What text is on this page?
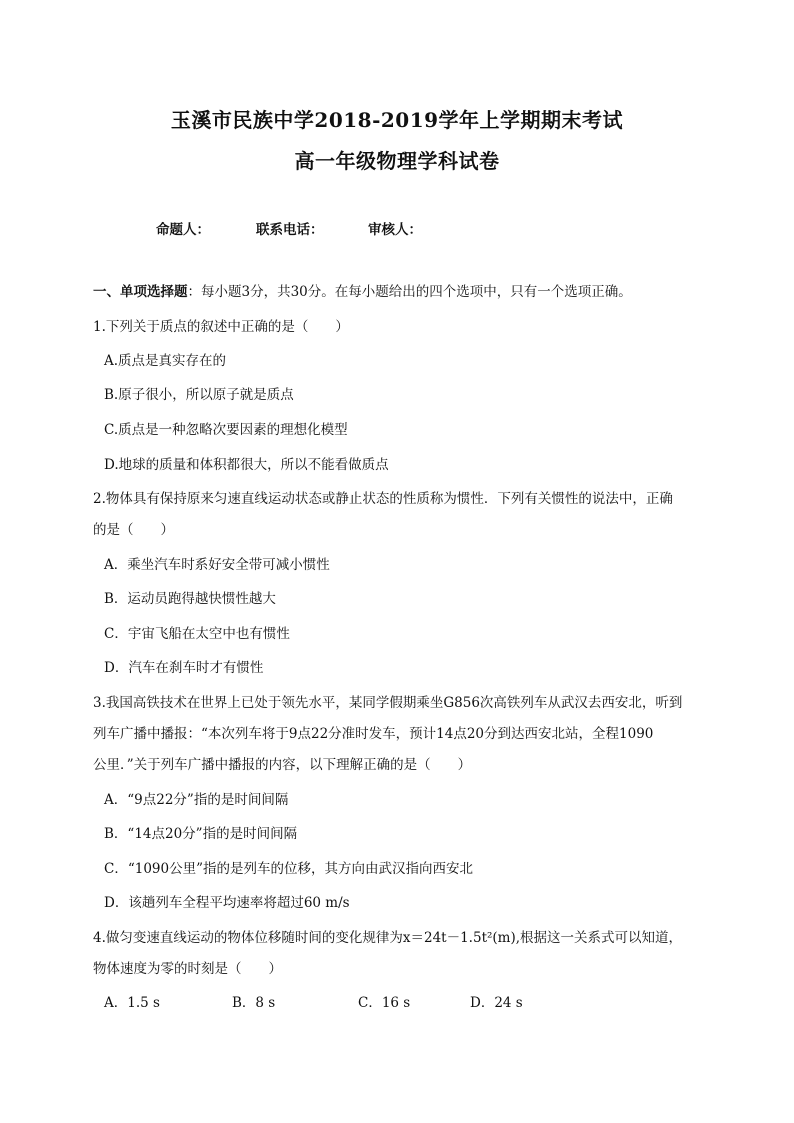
玉溪市民族中学2018-2019学年上学期期末考试
高一年级物理学科试卷
命题人：	联系电话：	审核人：
一、单项选择题：每小题3分，共30分。在每小题给出的四个选项中，只有一个选项正确。
1.下列关于质点的叙述中正确的是（　　）
A.质点是真实存在的
B.原子很小，所以原子就是质点
C.质点是一种忽略次要因素的理想化模型
D.地球的质量和体积都很大，所以不能看做质点
2.物体具有保持原来匀速直线运动状态或静止状态的性质称为惯性．下列有关惯性的说法中，正确
的是（　　）
A．乘坐汽车时系好安全带可减小惯性
B．运动员跑得越快惯性越大
C．宇宙飞船在太空中也有惯性
D．汽车在刹车时才有惯性
3.我国高铁技术在世界上已处于领先水平，某同学假期乘坐G856次高铁列车从武汉去西安北，听到
列车广播中播报：“本次列车将于9点22分准时发车，预计14点20分到达西安北站，全程1090
公里．”关于列车广播中播报的内容，以下理解正确的是（　　）
A．“9点22分”指的是时间间隔
B．“14点20分”指的是时间间隔
C．“1090公里”指的是列车的位移，其方向由武汉指向西安北
D．该趟列车全程平均速率将超过60 m/s
4.做匀变速直线运动的物体位移随时间的变化规律为x＝24t－1.5t²(m),根据这一关系式可以知道，
物体速度为零的时刻是（　　）
A．1.5 s	B．8 s	C．16 s	D．24 s
